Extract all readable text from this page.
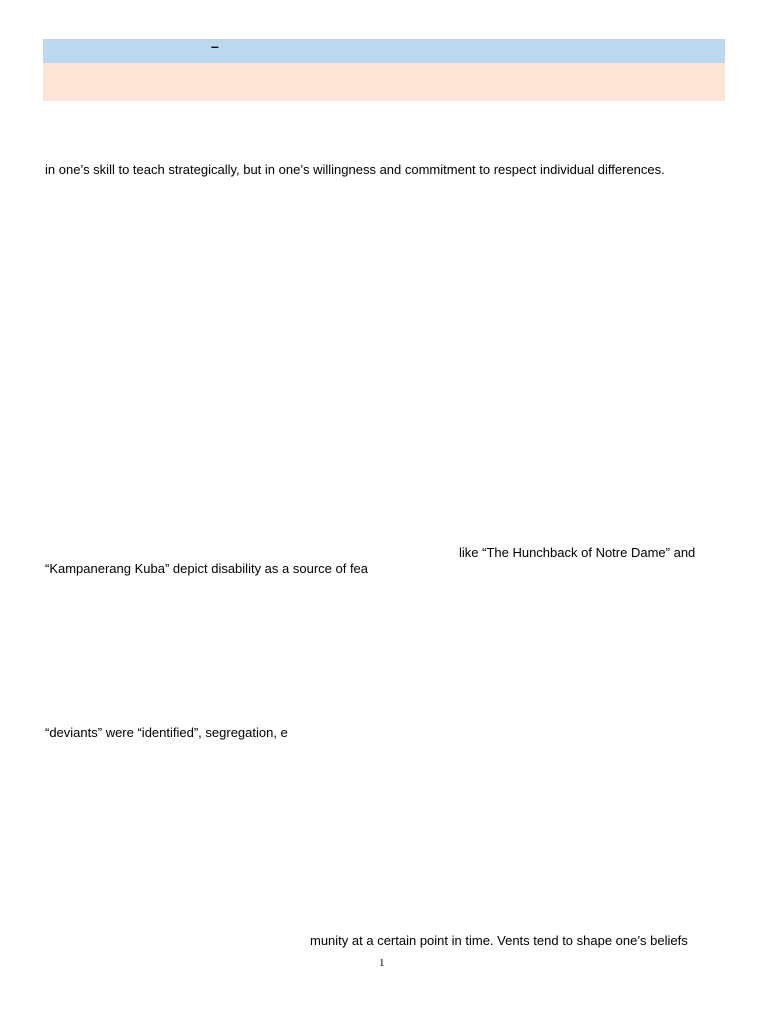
–
in one’s skill to teach strategically, but in one’s willingness and commitment to respect individual differences.
like “The Hunchback of Notre Dame” and
“Kampanerang Kuba” depict disability as a source of fea
“deviants” were “identified”, segregation, e
munity at a certain point in time. Vents tend to shape one’s beliefs
1
